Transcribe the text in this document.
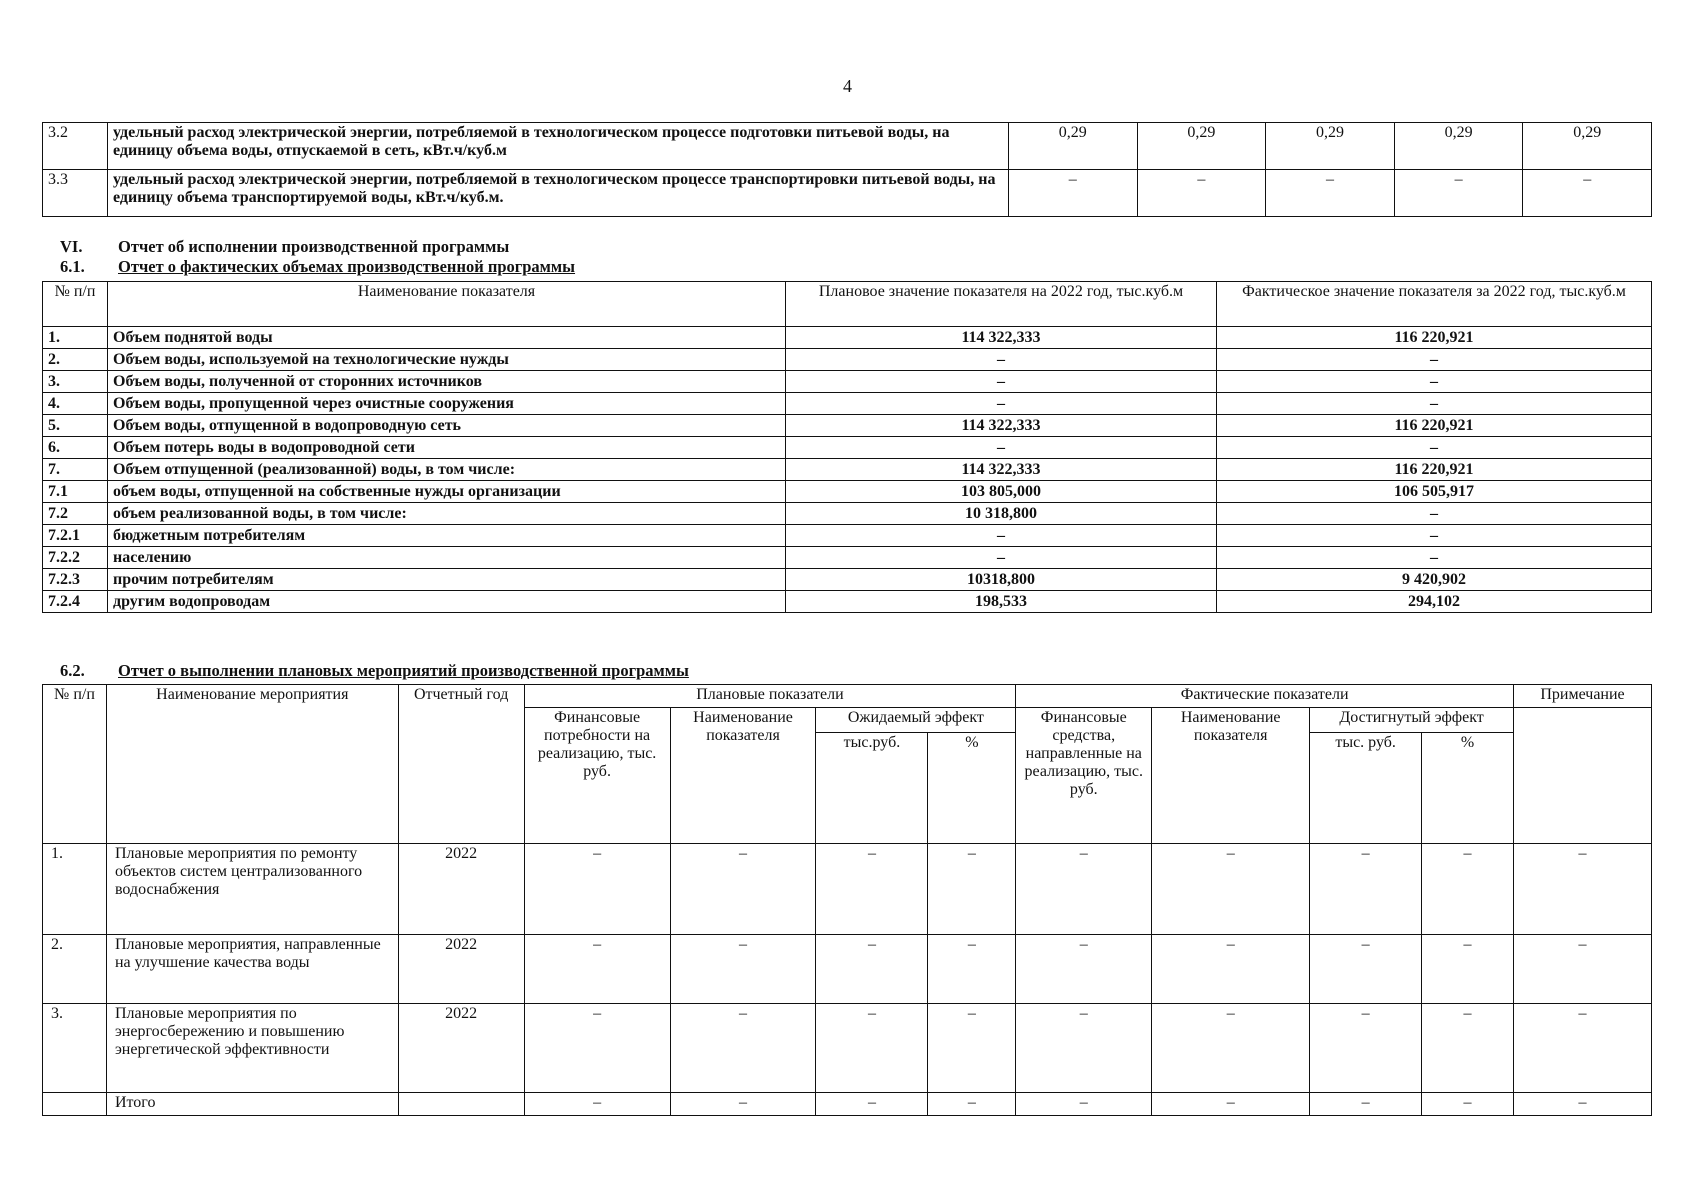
4
3.2	удельный расход электрической энергии, потребляемой в технологическом процессе подготовки питьевой воды, на единицу объема воды, отпускаемой в сеть, кВт.ч/куб.м	0,29	0,29	0,29	0,29	0,29
3.3	удельный расход электрической энергии, потребляемой в технологическом процессе транспортировки питьевой воды, на единицу объема транспортируемой воды, кВт.ч/куб.м.	–	–	–	–	–
VI. Отчет об исполнении производственной программы
6.1. Отчет о фактических объемах производственной программы
№ п/п	Наименование показателя	Плановое значение показателя на 2022 год, тыс.куб.м	Фактическое значение показателя за 2022 год, тыс.куб.м
1.	Объем поднятой воды	114 322,333	116 220,921
2.	Объем воды, используемой на технологические нужды	–	–
3.	Объем воды, полученной от сторонних источников	–	–
4.	Объем воды, пропущенной через очистные сооружения	–	–
5.	Объем воды, отпущенной в водопроводную сеть	114 322,333	116 220,921
6.	Объем потерь воды в водопроводной сети	–	–
7.	Объем отпущенной (реализованной) воды, в том числе:	114 322,333	116 220,921
7.1	объем воды, отпущенной на собственные нужды организации	103 805,000	106 505,917
7.2	объем реализованной воды, в том числе:	10 318,800	–
7.2.1	бюджетным потребителям	–	–
7.2.2	населению	–	–
7.2.3	прочим потребителям	10318,800	9 420,902
7.2.4	другим водопроводам	198,533	294,102
6.2. Отчет о выполнении плановых мероприятий производственной программы
№ п/п	Наименование мероприятия	Отчетный год	Плановые показатели				Фактические показатели				Примечание
			Финансовые потребности на реализацию, тыс. руб.	Наименование показателя	Ожидаемый эффект		Финансовые средства, направленные на реализацию, тыс. руб.	Наименование показателя	Достигнутый эффект		
					тыс.руб.	%			тыс. руб.	%	
1.	Плановые мероприятия по ремонту объектов систем централизованного водоснабжения	2022	–	–	–	–	–	–	–	–	–
2.	Плановые мероприятия, направленные на улучшение качества воды	2022	–	–	–	–	–	–	–	–	–
3.	Плановые мероприятия по энергосбережению и повышению энергетической эффективности	2022	–	–	–	–	–	–	–	–	–
	Итого		–	–	–	–	–	–	–	–	–
